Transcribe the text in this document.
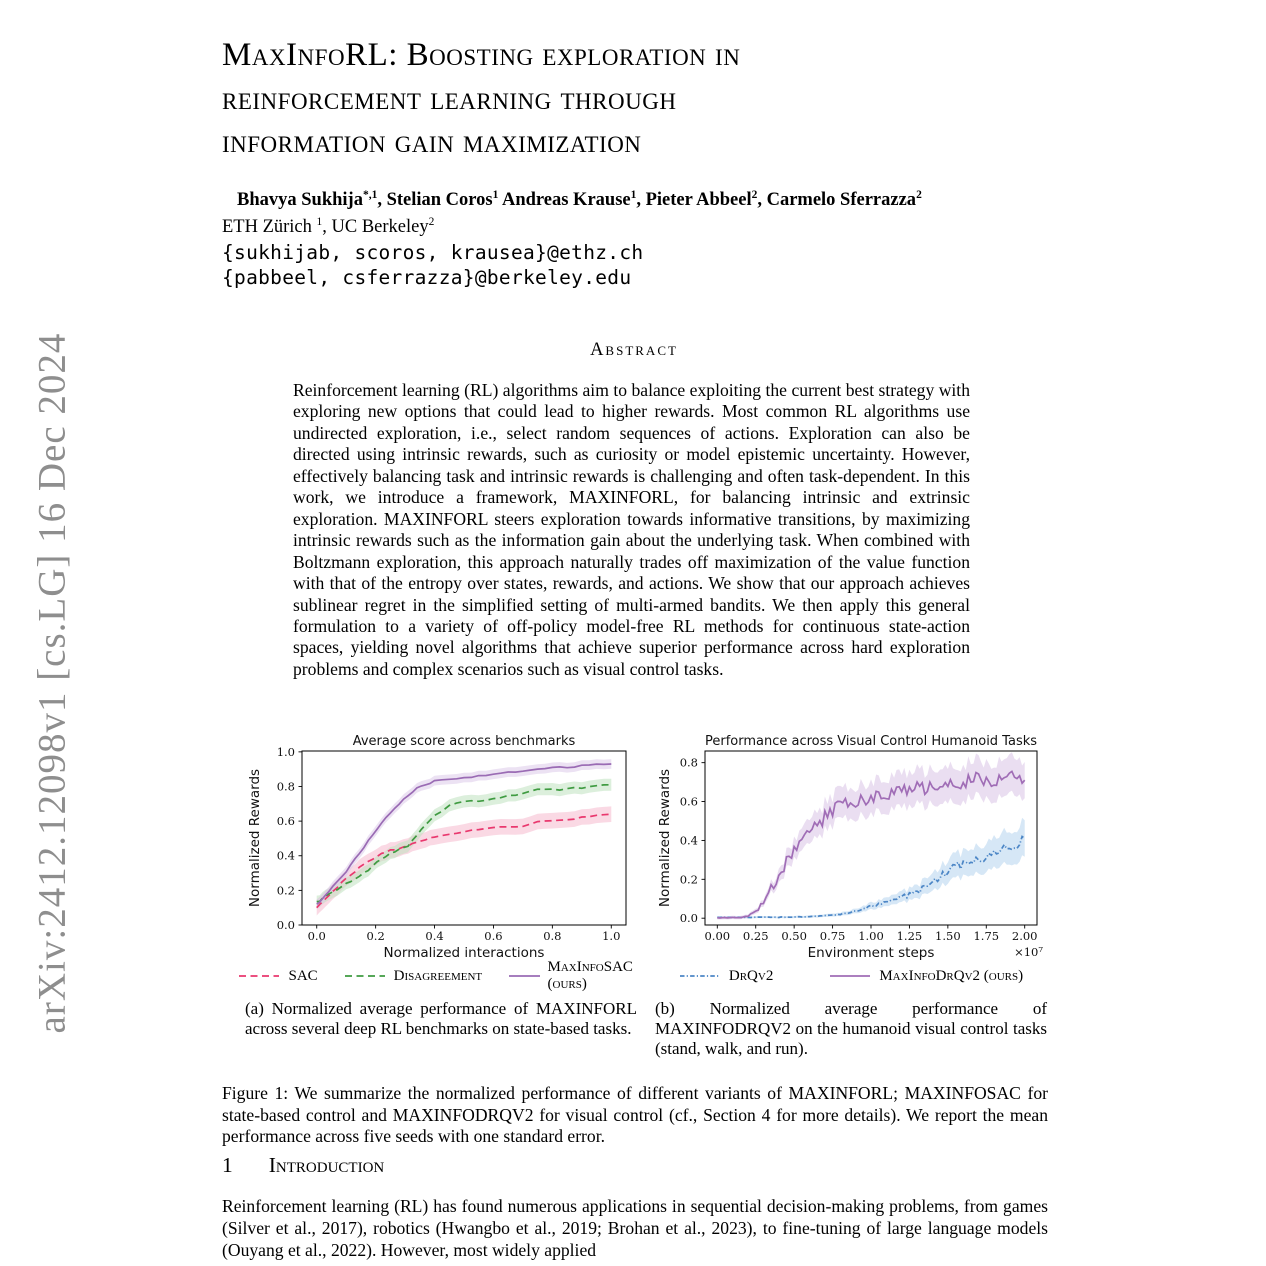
arXiv:2412.12098v1 [cs.LG] 16 Dec 2024
MaxInfoRL: Boosting exploration in
reinforcement learning through
information gain maximization
Bhavya Sukhija$^{*,1}$, Stelian Coros$^1$ Andreas Krause$^1$, Pieter Abbeel$^2$, Carmelo Sferrazza$^2$
ETH Zürich $^1$, UC Berkeley$^2$
{sukhijab, scoros, krausea}@ethz.ch
{pabbeel, csferrazza}@berkeley.edu
Abstract
Reinforcement learning (RL) algorithms aim to balance exploiting the current best strategy with exploring new options that could lead to higher rewards. Most common RL algorithms use undirected exploration, i.e., select random sequences of actions. Exploration can also be directed using intrinsic rewards, such as curiosity or model epistemic uncertainty. However, effectively balancing task and intrinsic rewards is challenging and often task-dependent. In this work, we introduce a framework, MAXINFORL, for balancing intrinsic and extrinsic exploration. MAXINFORL steers exploration towards informative transitions, by maximizing intrinsic rewards such as the information gain about the underlying task. When combined with Boltzmann exploration, this approach naturally trades off maximization of the value function with that of the entropy over states, rewards, and actions. We show that our approach achieves sublinear regret in the simplified setting of multi-armed bandits. We then apply this general formulation to a variety of off-policy model-free RL methods for continuous state-action spaces, yielding novel algorithms that achieve superior performance across hard exploration problems and complex scenarios such as visual control tasks.
0.0	0.2	0.4	0.6	0.8	1.0
0.0
0.2
0.4
0.6
0.8
1.0
Average score across benchmarks
Normalized interactions
Normalized Rewards
SAC	Disagreement
MaxInfoSAC (ours)
(a) Normalized average performance of MAXINFORL across several deep RL benchmarks on state-based tasks.
0.00 0.25 0.50 0.75 1.00 1.25 1.50 1.75 2.00
0.0
0.2
0.4
0.6
0.8
Performance across Visual Control Humanoid Tasks
Environment steps
Normalized Rewards
×10⁷
DrQv2	MaxInfoDrQv2 (ours)
(b) Normalized average performance of MAXINFODRQV2 on the humanoid visual control tasks (stand, walk, and run).
Figure 1: We summarize the normalized performance of different variants of MAXINFORL; MAXINFOSAC for state-based control and MAXINFODRQV2 for visual control (cf., Section 4 for more details). We report the mean performance across five seeds with one standard error.
1 Introduction
Reinforcement learning (RL) has found numerous applications in sequential decision-making problems, from games (Silver et al., 2017), robotics (Hwangbo et al., 2019; Brohan et al., 2023), to fine-tuning of large language models (Ouyang et al., 2022). However, most widely applied
